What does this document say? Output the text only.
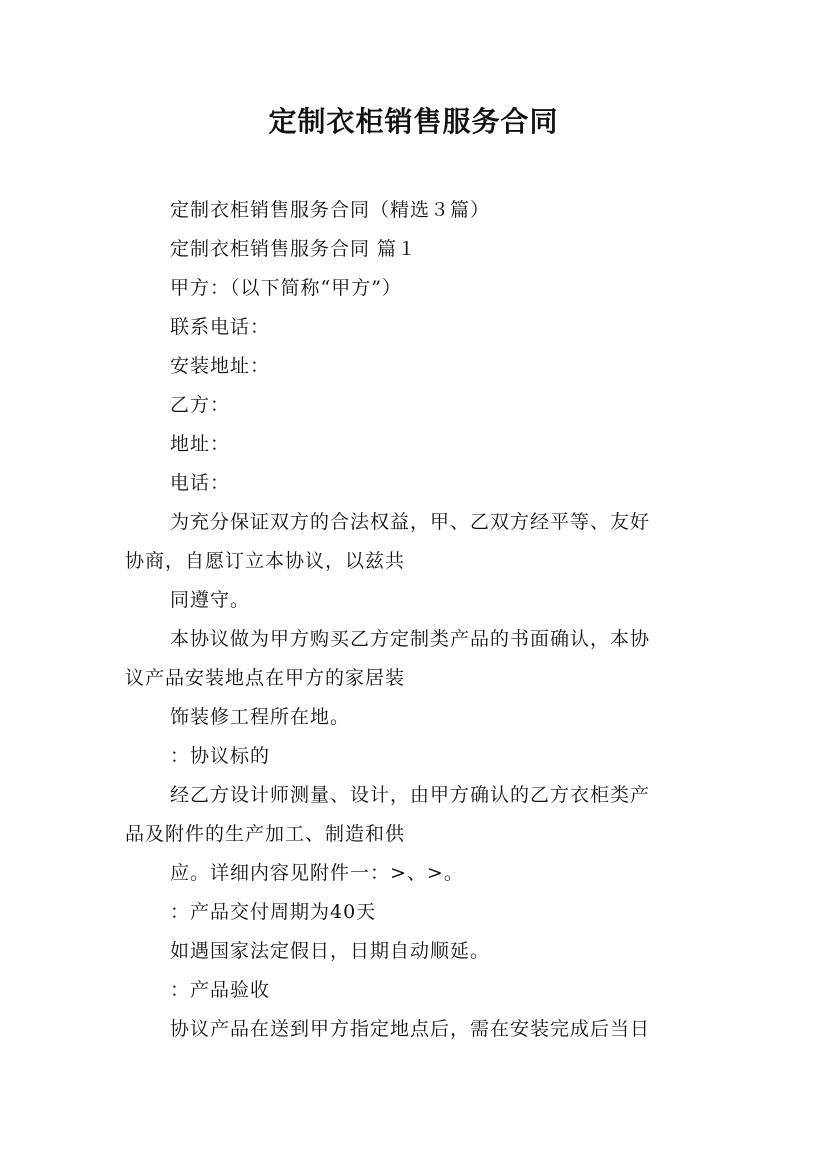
定制衣柜销售服务合同
定制衣柜销售服务合同（精选３篇）
定制衣柜销售服务合同 篇１
甲方：（以下简称“甲方”）
联系电话：
安装地址：
乙方：
地址：
电话：
为充分保证双方的合法权益，甲、乙双方经平等、友好
协商，自愿订立本协议，以兹共
同遵守。
本协议做为甲方购买乙方定制类产品的书面确认，本协
议产品安装地点在甲方的家居装
饰装修工程所在地。
：协议标的
经乙方设计师测量、设计，由甲方确认的乙方衣柜类产
品及附件的生产加工、制造和供
应。详细内容见附件一：>、>。
：产品交付周期为40天
如遇国家法定假日，日期自动顺延。
：产品验收
协议产品在送到甲方指定地点后，需在安装完成后当日
